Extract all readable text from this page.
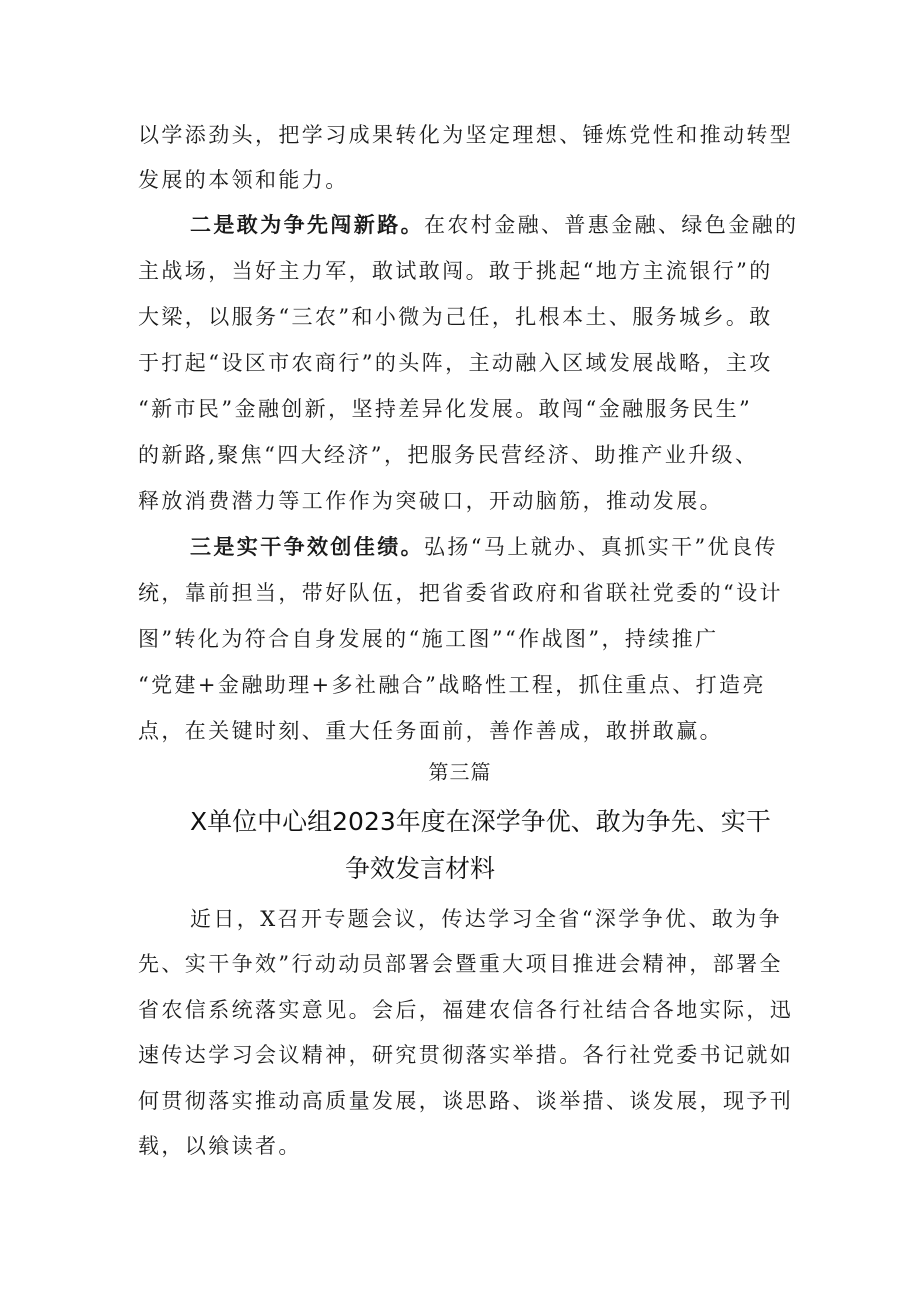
以学添劲头，把学习成果转化为坚定理想、锤炼党性和推动转型
发展的本领和能力。
二是敢为争先闯新路。在农村金融、普惠金融、绿色金融的
主战场，当好主力军，敢试敢闯。敢于挑起“地方主流银行”的
大梁，以服务“三农”和小微为己任，扎根本土、服务城乡。敢
于打起“设区市农商行”的头阵，主动融入区域发展战略，主攻
“新市民”金融创新，坚持差异化发展。敢闯“金融服务民生”
的新路,聚焦“四大经济”，把服务民营经济、助推产业升级、
释放消费潜力等工作作为突破口，开动脑筋，推动发展。
三是实干争效创佳绩。弘扬“马上就办、真抓实干”优良传
统，靠前担当，带好队伍，把省委省政府和省联社党委的“设计
图”转化为符合自身发展的“施工图”“作战图”，持续推广
“党建+金融助理+多社融合”战略性工程，抓住重点、打造亮
点，在关键时刻、重大任务面前，善作善成，敢拼敢赢。
第三篇
X单位中心组2023年度在深学争优、敢为争先、实干
争效发言材料
近日，X召开专题会议，传达学习全省“深学争优、敢为争
先、实干争效”行动动员部署会暨重大项目推进会精神，部署全
省农信系统落实意见。会后，福建农信各行社结合各地实际，迅
速传达学习会议精神，研究贯彻落实举措。各行社党委书记就如
何贯彻落实推动高质量发展，谈思路、谈举措、谈发展，现予刊
载，以飨读者。
